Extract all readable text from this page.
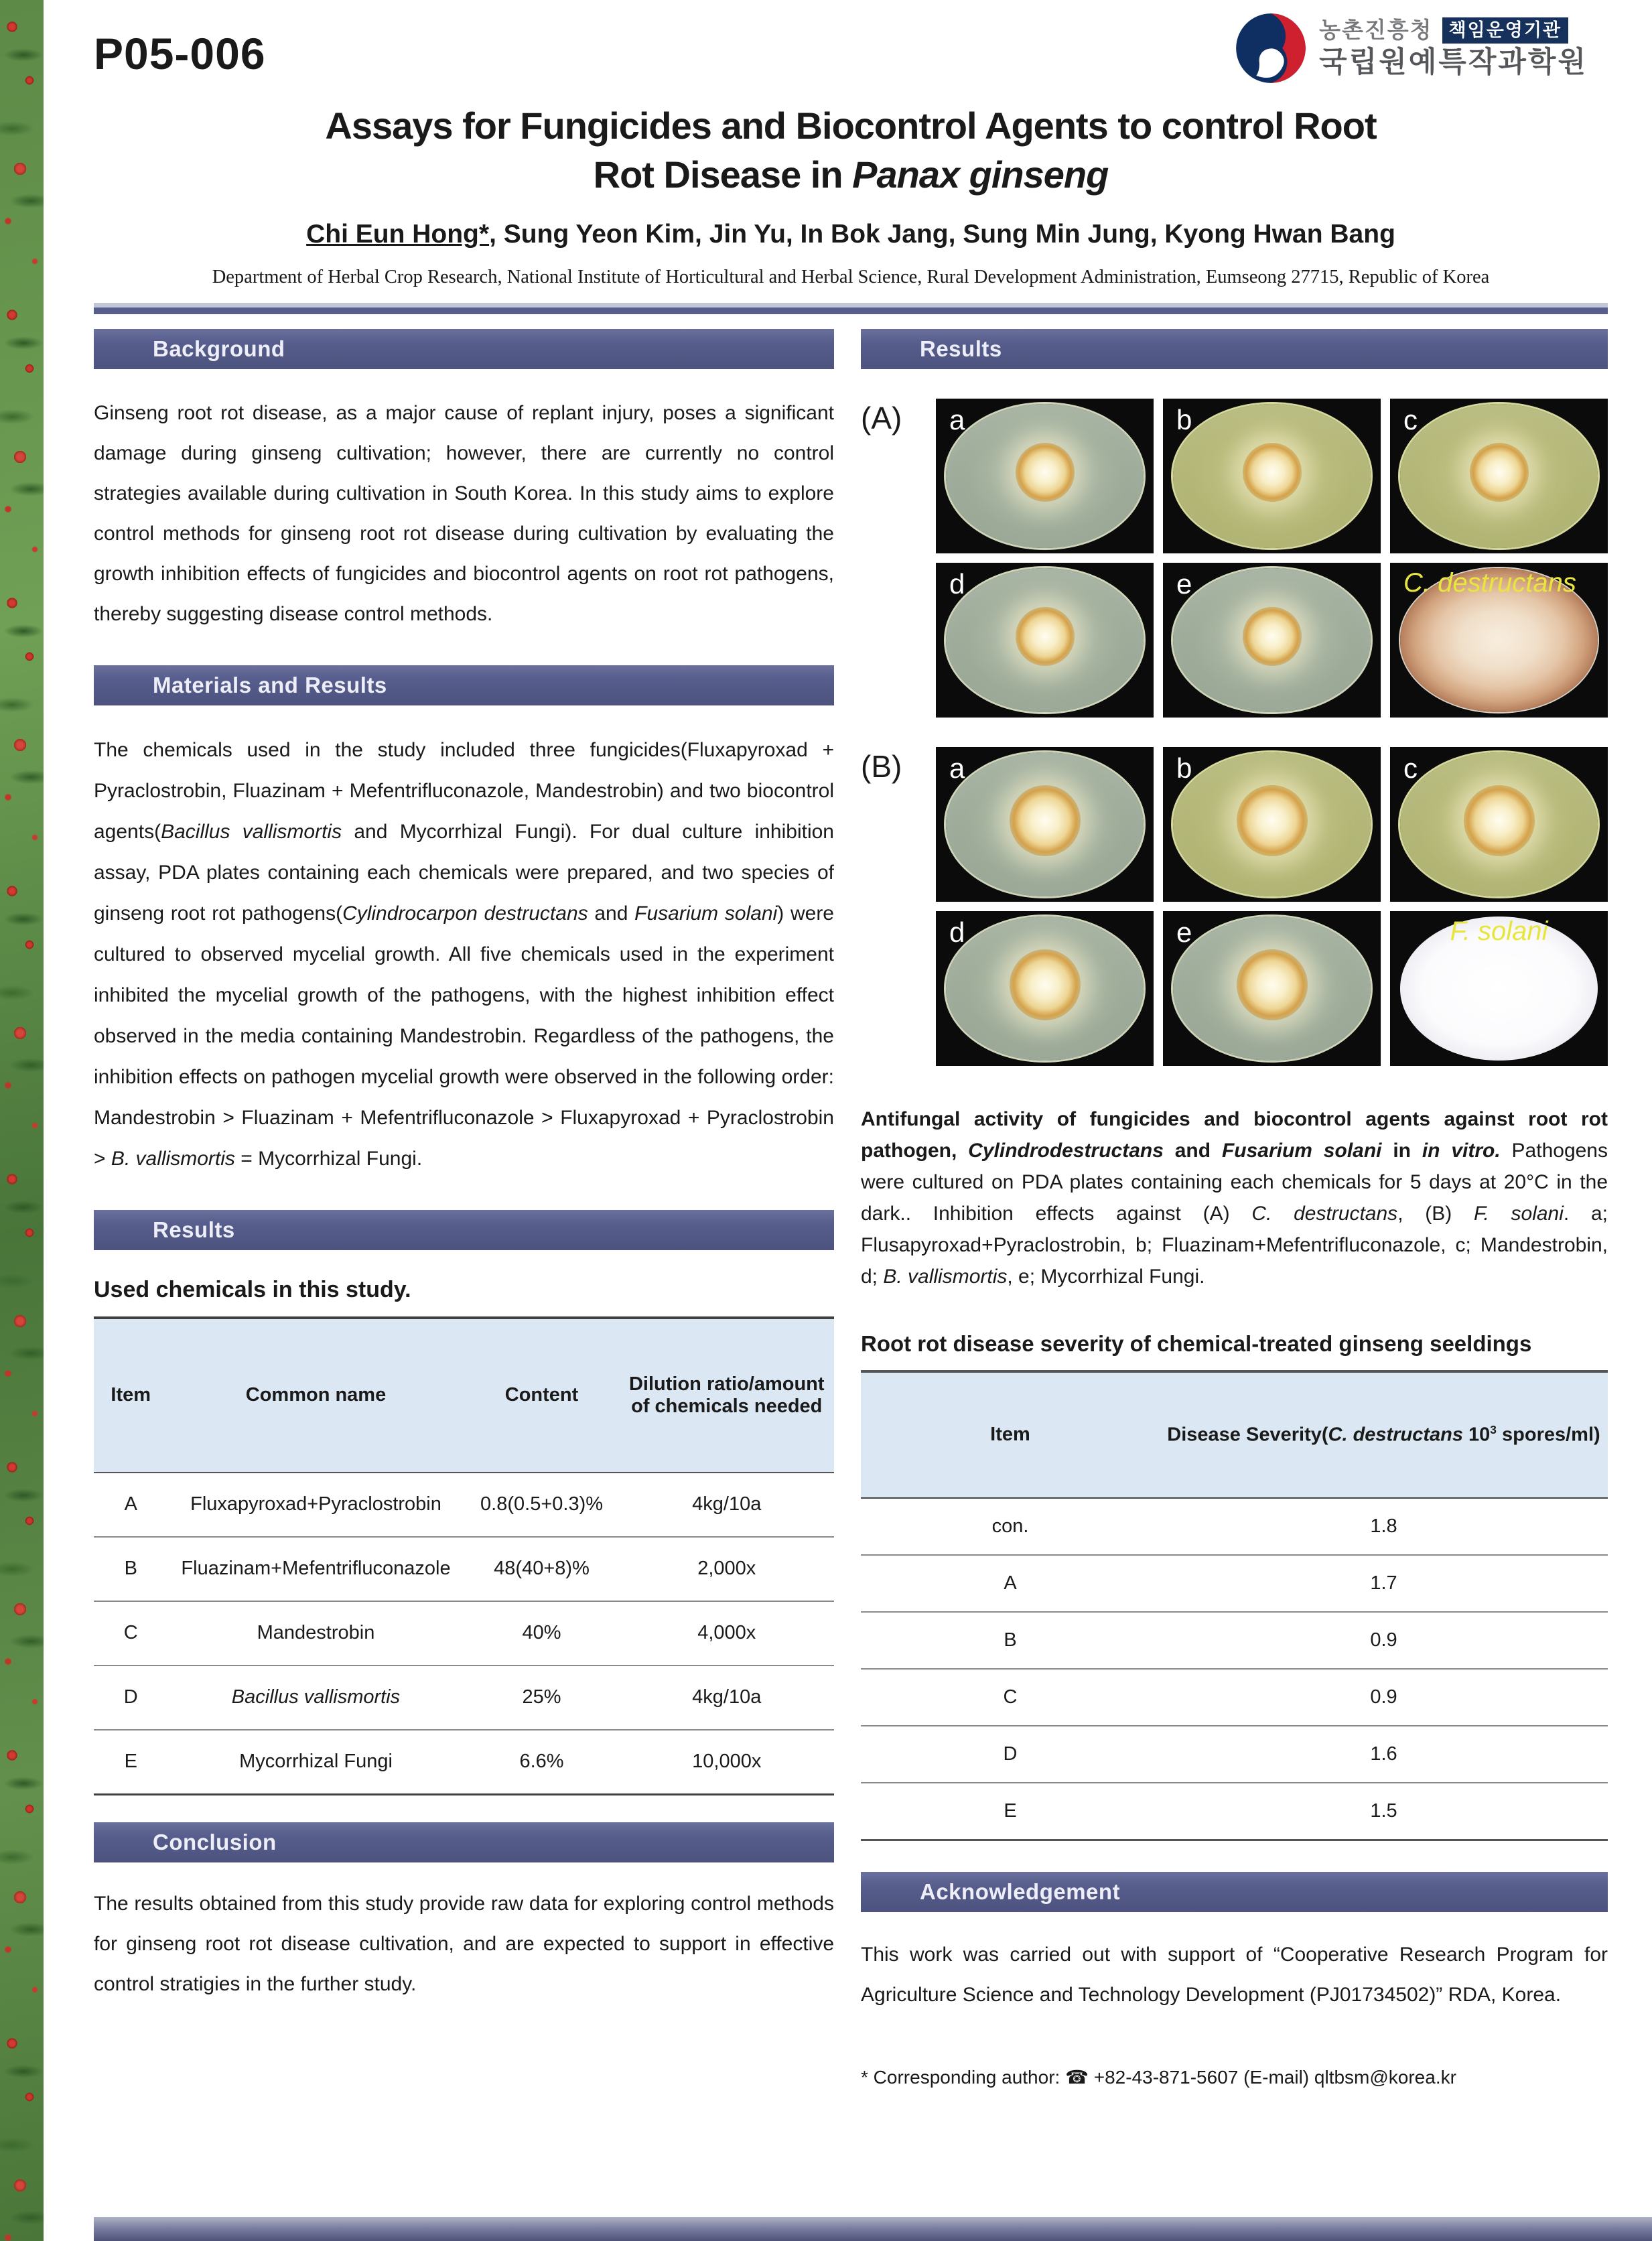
P05-006	농촌진흥청 책임운영기관
국립원예특작과학원
Assays for Fungicides and Biocontrol Agents to control Root
Rot Disease in Panax ginseng
Chi Eun Hong*, Sung Yeon Kim, Jin Yu, In Bok Jang, Sung Min Jung, Kyong Hwan Bang
Department of Herbal Crop Research, National Institute of Horticultural and Herbal Science, Rural Development Administration, Eumseong 27715, Republic of Korea
Background
Ginseng root rot disease, as a major cause of replant injury, poses a significant damage during ginseng cultivation; however, there are currently no control strategies available during cultivation in South Korea. In this study aims to explore control methods for ginseng root rot disease during cultivation by evaluating the growth inhibition effects of fungicides and biocontrol agents on root rot pathogens, thereby suggesting disease control methods.
Materials and Results
The chemicals used in the study included three fungicides(Fluxapyroxad + Pyraclostrobin, Fluazinam + Mefentrifluconazole, Mandestrobin) and two biocontrol agents(Bacillus vallismortis and Mycorrhizal Fungi). For dual culture inhibition assay, PDA plates containing each chemicals were prepared, and two species of ginseng root rot pathogens(Cylindrocarpon destructans and Fusarium solani) were cultured to observed mycelial growth. All five chemicals used in the experiment inhibited the mycelial growth of the pathogens, with the highest inhibition effect observed in the media containing Mandestrobin. Regardless of the pathogens, the inhibition effects on pathogen mycelial growth were observed in the following order: Mandestrobin > Fluazinam + Mefentrifluconazole > Fluxapyroxad + Pyraclostrobin > B. vallismortis = Mycorrhizal Fungi.
Results
Used chemicals in this study.
Item	Common name	Content	Dilution ratio/amount of chemicals needed
A	Fluxapyroxad+Pyraclostrobin	0.8(0.5+0.3)%	4kg/10a
B	Fluazinam+Mefentrifluconazole	48(40+8)%	2,000x
C	Mandestrobin	40%	4,000x
D	Bacillus vallismortis	25%	4kg/10a
E	Mycorrhizal Fungi	6.6%	10,000x
Conclusion
The results obtained from this study provide raw data for exploring control methods for ginseng root rot disease cultivation, and are expected to support in effective control stratigies in the further study.
Results
(A)	a	b	c
d	e	C. destructans
(B)	a	b	c
d	e	F. solani
Antifungal activity of fungicides and biocontrol agents against root rot pathogen, Cylindrodestructans and Fusarium solani in in vitro. Pathogens were cultured on PDA plates containing each chemicals for 5 days at 20°C in the dark.. Inhibition effects against (A) C. destructans, (B) F. solani. a; Flusapyroxad+Pyraclostrobin, b; Fluazinam+Mefentrifluconazole, c; Mandestrobin, d; B. vallismortis, e; Mycorrhizal Fungi.
Root rot disease severity of chemical-treated ginseng seeldings
Item	Disease Severity(C. destructans $10^3$ spores/ml)
con.	1.8
A	1.7
B	0.9
C	0.9
D	1.6
E	1.5
Acknowledgement
This work was carried out with support of “Cooperative Research Program for Agriculture Science and Technology Development (PJ01734502)” RDA, Korea.
* Corresponding author: ☎ +82-43-871-5607 (E-mail) qltbsm@korea.kr
